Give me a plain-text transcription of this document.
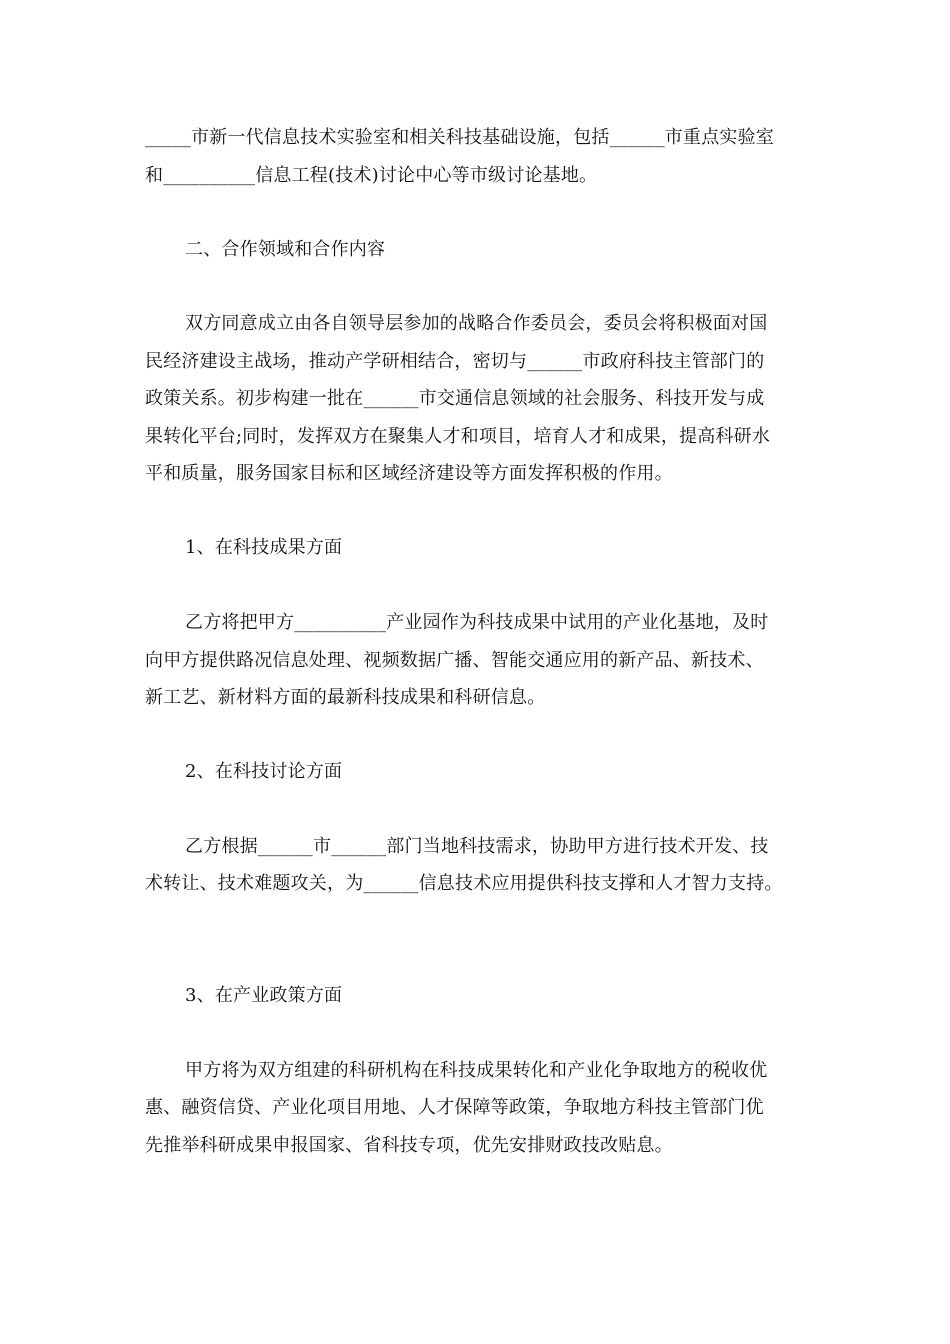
_____市新一代信息技术实验室和相关科技基础设施，包括______市重点实验室
和__________信息工程(技术)讨论中心等市级讨论基地。
二、合作领域和合作内容
双方同意成立由各自领导层参加的战略合作委员会，委员会将积极面对国
民经济建设主战场，推动产学研相结合，密切与______市政府科技主管部门的
政策关系。初步构建一批在______市交通信息领域的社会服务、科技开发与成
果转化平台;同时，发挥双方在聚集人才和项目，培育人才和成果，提高科研水
平和质量，服务国家目标和区域经济建设等方面发挥积极的作用。
1、在科技成果方面
乙方将把甲方__________产业园作为科技成果中试用的产业化基地，及时
向甲方提供路况信息处理、视频数据广播、智能交通应用的新产品、新技术、
新工艺、新材料方面的最新科技成果和科研信息。
2、在科技讨论方面
乙方根据______市______部门当地科技需求，协助甲方进行技术开发、技
术转让、技术难题攻关，为______信息技术应用提供科技支撑和人才智力支持。
3、在产业政策方面
甲方将为双方组建的科研机构在科技成果转化和产业化争取地方的税收优
惠、融资信贷、产业化项目用地、人才保障等政策，争取地方科技主管部门优
先推举科研成果申报国家、省科技专项，优先安排财政技改贴息。
